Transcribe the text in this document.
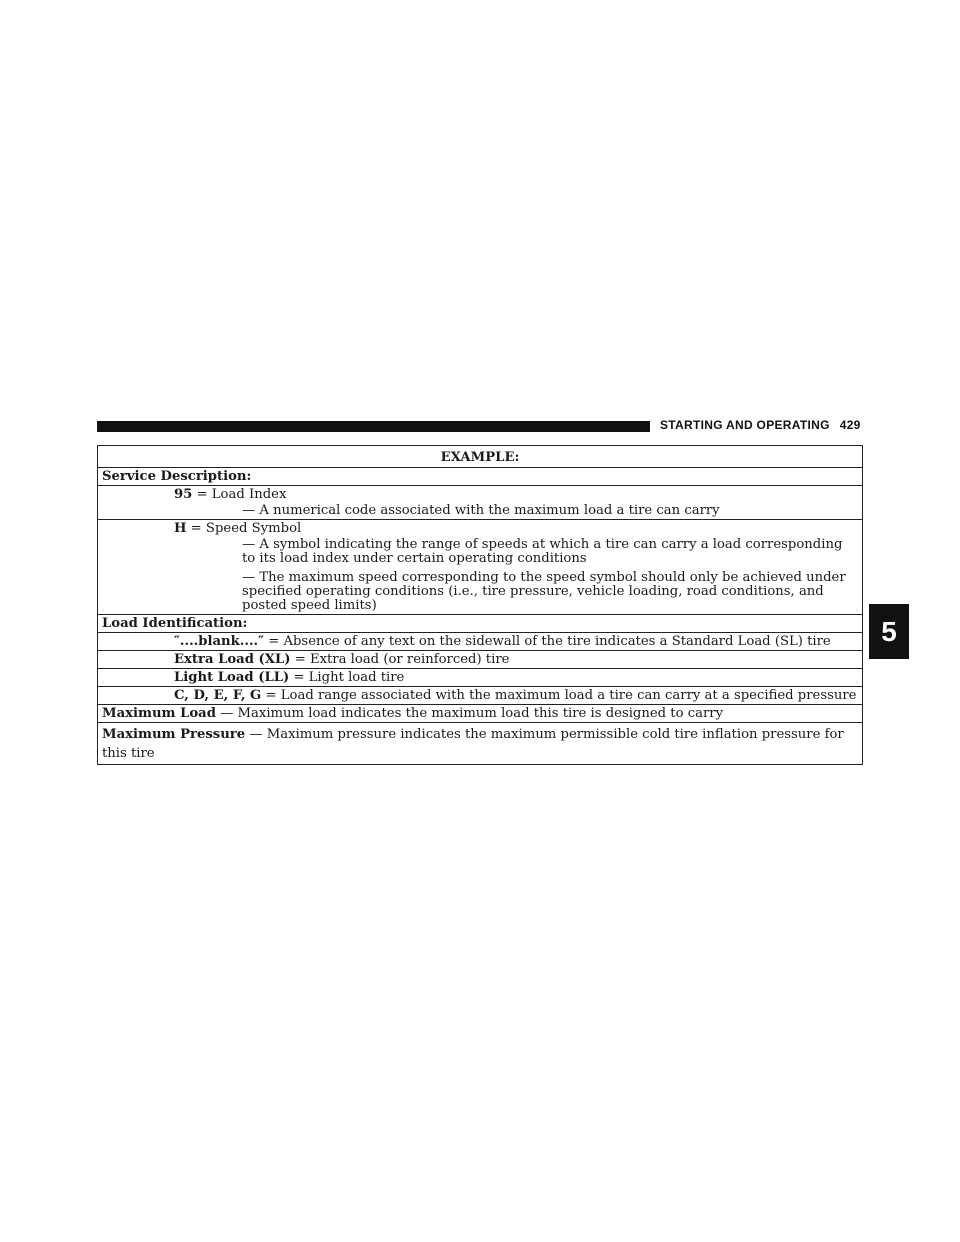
STARTING AND OPERATING 429
5
EXAMPLE:
Service Description:
95 = Load Index
— A numerical code associated with the maximum load a tire can carry
H = Speed Symbol
— A symbol indicating the range of speeds at which a tire can carry a load corresponding
to its load index under certain operating conditions
— The maximum speed corresponding to the speed symbol should only be achieved under
specified operating conditions (i.e., tire pressure, vehicle loading, road conditions, and
posted speed limits)
Load Identification:
″....blank....″ = Absence of any text on the sidewall of the tire indicates a Standard Load (SL) tire
Extra Load (XL) = Extra load (or reinforced) tire
Light Load (LL) = Light load tire
C, D, E, F, G = Load range associated with the maximum load a tire can carry at a specified pressure
Maximum Load — Maximum load indicates the maximum load this tire is designed to carry
Maximum Pressure — Maximum pressure indicates the maximum permissible cold tire inflation pressure for
this tire
